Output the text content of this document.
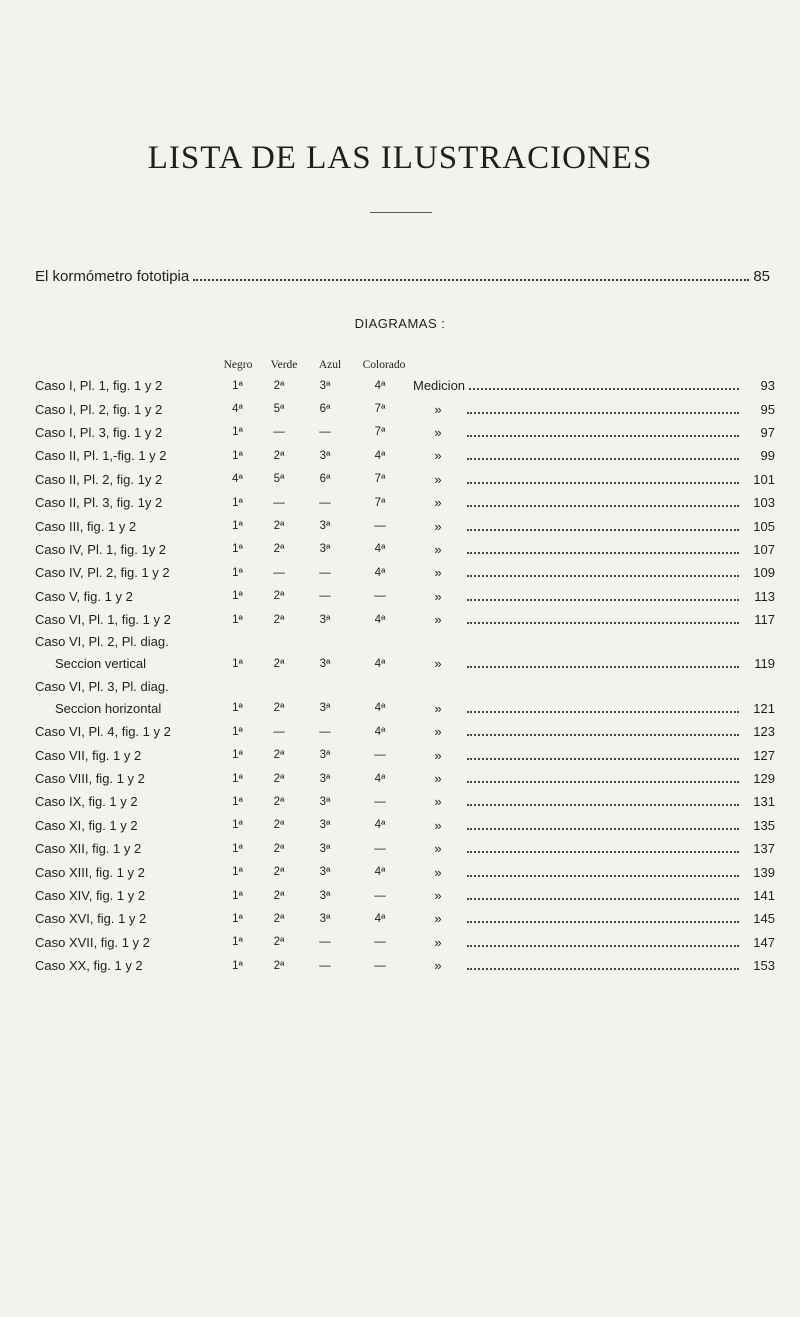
LISTA DE LAS ILUSTRACIONES
El kormómetro fototipia	85
DIAGRAMAS :
Negro Verde Azul Colorado
Caso I, Pl. 1, fig. 1 y 2	1ª	2ª	3ª	4ª	Medicion	93
Caso I, Pl. 2, fig. 1 y 2	4ª	5ª	6ª	7ª	»	95
Caso I, Pl. 3, fig. 1 y 2	1ª	—	—	7ª	»	97
Caso II, Pl. 1,-fig. 1 y 2	1ª	2ª	3ª	4ª	»	99
Caso II, Pl. 2, fig. 1y 2	4ª	5ª	6ª	7ª	»	101
Caso II, Pl. 3, fig. 1y 2	1ª	—	—	7ª	»	103
Caso III, fig. 1 y 2	1ª	2ª	3ª	—	»	105
Caso IV, Pl. 1, fig. 1y 2	1ª	2ª	3ª	4ª	»	107
Caso IV, Pl. 2, fig. 1 y 2	1ª	—	—	4ª	»	109
Caso V, fig. 1 y 2	1ª	2ª	—	—	»	113
Caso VI, Pl. 1, fig. 1 y 2	1ª	2ª	3ª	4ª	»	117
Caso VI, Pl. 2, Pl. diag.						
Seccion vertical	1ª	2ª	3ª	4ª	»	119
Caso VI, Pl. 3, Pl. diag.						
Seccion horizontal	1ª	2ª	3ª	4ª	»	121
Caso VI, Pl. 4, fig. 1 y 2	1ª	—	—	4ª	»	123
Caso VII, fig. 1 y 2	1ª	2ª	3ª	—	»	127
Caso VIII, fig. 1 y 2	1ª	2ª	3ª	4ª	»	129
Caso IX, fig. 1 y 2	1ª	2ª	3ª	—	»	131
Caso XI, fig. 1 y 2	1ª	2ª	3ª	4ª	»	135
Caso XII, fig. 1 y 2	1ª	2ª	3ª	—	»	137
Caso XIII, fig. 1 y 2	1ª	2ª	3ª	4ª	»	139
Caso XIV, fig. 1 y 2	1ª	2ª	3ª	—	»	141
Caso XVI, fig. 1 y 2	1ª	2ª	3ª	4ª	»	145
Caso XVII, fig. 1 y 2	1ª	2ª	—	—	»	147
Caso XX, fig. 1 y 2	1ª	2ª	—	—	»	153
